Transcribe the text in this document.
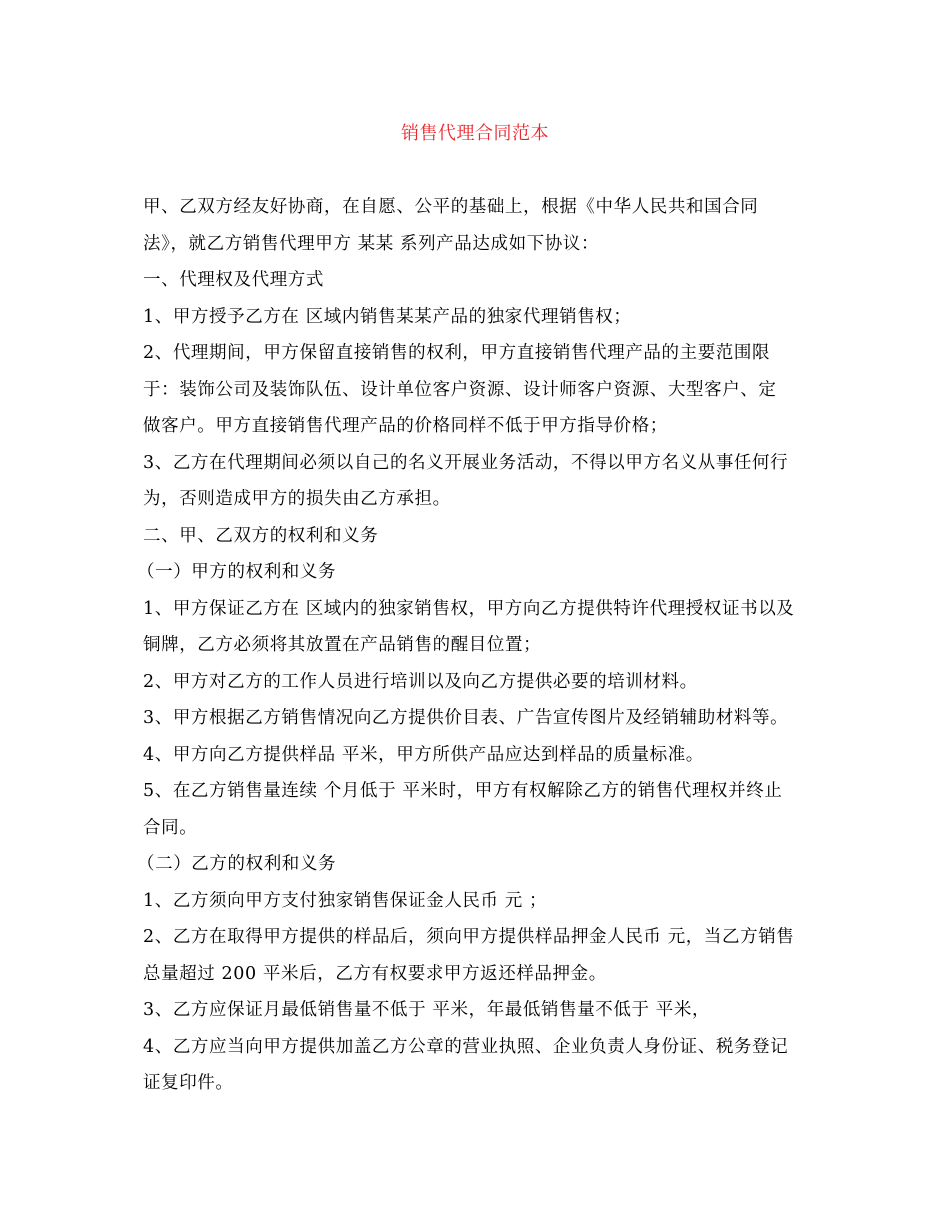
销售代理合同范本
甲、乙双方经友好协商，在自愿、公平的基础上，根据《中华人民共和国合同
法》，就乙方销售代理甲方 某某 系列产品达成如下协议：
一、代理权及代理方式
1、甲方授予乙方在 区域内销售某某产品的独家代理销售权；
2、代理期间，甲方保留直接销售的权利，甲方直接销售代理产品的主要范围限
于：装饰公司及装饰队伍、设计单位客户资源、设计师客户资源、大型客户、定
做客户。甲方直接销售代理产品的价格同样不低于甲方指导价格；
3、乙方在代理期间必须以自己的名义开展业务活动，不得以甲方名义从事任何行
为，否则造成甲方的损失由乙方承担。
二、甲、乙双方的权利和义务
（一）甲方的权利和义务
1、甲方保证乙方在 区域内的独家销售权，甲方向乙方提供特许代理授权证书以及
铜牌，乙方必须将其放置在产品销售的醒目位置；
2、甲方对乙方的工作人员进行培训以及向乙方提供必要的培训材料。
3、甲方根据乙方销售情况向乙方提供价目表、广告宣传图片及经销辅助材料等。
4、甲方向乙方提供样品 平米，甲方所供产品应达到样品的质量标准。
5、在乙方销售量连续 个月低于 平米时，甲方有权解除乙方的销售代理权并终止
合同。
（二）乙方的权利和义务
1、乙方须向甲方支付独家销售保证金人民币 元 ；
2、乙方在取得甲方提供的样品后，须向甲方提供样品押金人民币 元，当乙方销售
总量超过 200 平米后，乙方有权要求甲方返还样品押金。
3、乙方应保证月最低销售量不低于 平米，年最低销售量不低于 平米，
4、乙方应当向甲方提供加盖乙方公章的营业执照、企业负责人身份证、税务登记
证复印件。
